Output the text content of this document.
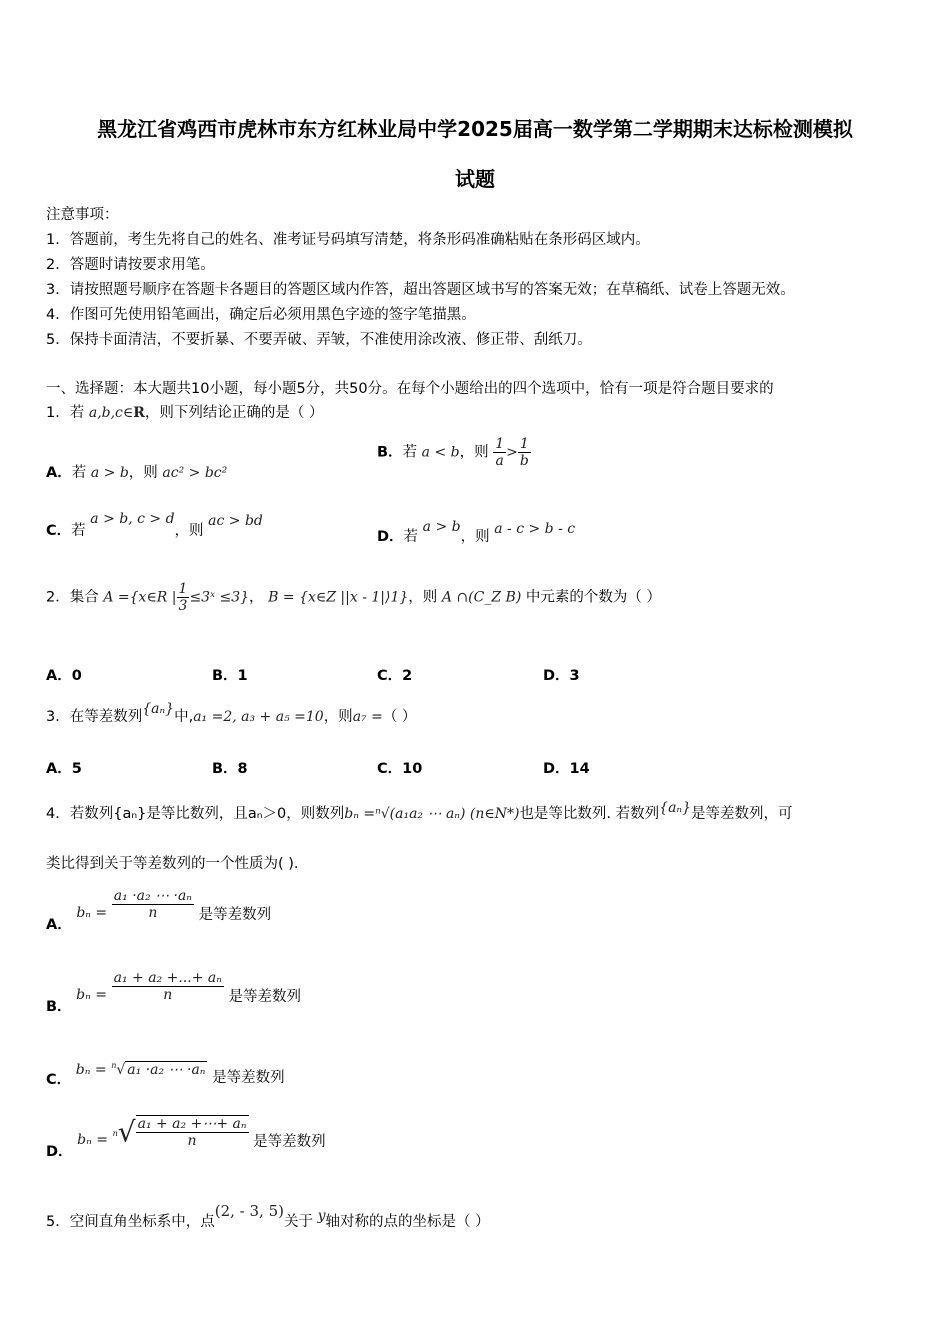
黑龙江省鸡西市虎林市东方红林业局中学2025届高一数学第二学期期末达标检测模拟
试题
注意事项：
1．答题前，考生先将自己的姓名、准考证号码填写清楚，将条形码准确粘贴在条形码区域内。
2．答题时请按要求用笔。
3．请按照题号顺序在答题卡各题目的答题区域内作答，超出答题区域书写的答案无效；在草稿纸、试卷上答题无效。
4．作图可先使用铅笔画出，确定后必须用黑色字迹的签字笔描黑。
5．保持卡面清洁，不要折暴、不要弄破、弄皱，不准使用涂改液、修正带、刮纸刀。
一、选择题：本大题共10小题，每小题5分，共50分。在每个小题给出的四个选项中，恰有一项是符合题目要求的
1．若 a,b,c∈R，则下列结论正确的是（ ）
A．若 a > b，则 ac² > bc²
B．若 a < b，则 $\frac{1}{a} > \frac{1}{b}$
C．若 a > b, c > d，则 ac > bd
D．若 a > b，则 a - c > b - c
2．集合 A ={x∈R | $\frac{1}{3}$ ≤3ˣ ≤3}， B = {x∈Z ||x - 1|⟩1}，则 A ∩(C_Z B) 中元素的个数为（ ）
A．0	B．1	C．2	D．3
3．在等差数列{aₙ}中,a₁ =2, a₃ + a₅ =10，则a₇ =（ ）
A．5	B．8	C．10	D．14
4．若数列{aₙ}是等比数列，且aₙ＞0，则数列bₙ =ⁿ√(a₁a₂ ⋯ aₙ) (n∈N*)也是等比数列. 若数列{aₙ}是等差数列，可
类比得到关于等差数列的一个性质为( ).
A． $b_n = \frac{\text{a₁ ·a₂ ⋯ ·aₙ}}{n}$ 是等差数列
B． $b_n = \frac{\text{a₁ + a₂ +...+ aₙ}}{n}$ 是等差数列
C． bₙ = $^n$√ a₁ ·a₂ ⋯ ·aₙ 是等差数列
D． $b_n = n√ \frac{\text{a₁ + a₂ +⋯+ aₙ}}{n}$ 是等差数列
5．空间直角坐标系中，点(2, - 3, 5)关于 y轴对称的点的坐标是（ ）
